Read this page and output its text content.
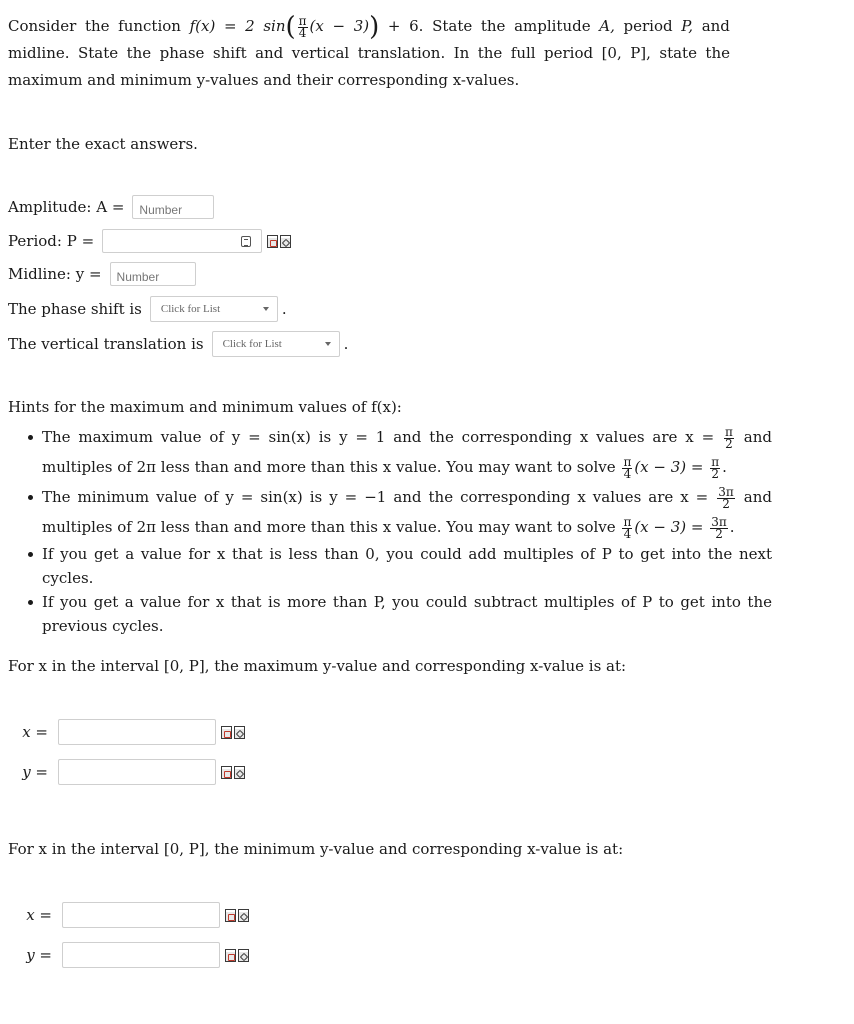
Consider the function f(x) = 2 $\sin( \frac{\pi}{4} (x - 3)) + 6$. State the amplitude A, period P, and midline. State the phase shift and vertical translation. In the full period [0, P], state the maximum and minimum y-values and their corresponding x-values.
Enter the exact answers.
Amplitude: A =	Number
Period: P =
Midline: y =	Number
The phase shift is Click for List	.
The vertical translation is Click for List	.
Hints for the maximum and minimum values of f(x):
The maximum value of y = sin(x) is y = 1 and the corresponding x values are $x = \frac{\pi}{2}$ and multiples of 2π less than and more than this x value. You may want to solve $\frac{\pi}{4} (x - 3) = \frac{\pi}{2}$ .
The minimum value of y = sin(x) is y = −1 and the corresponding x values are $x = \frac{3\pi}{2}$ and multiples of 2π less than and more than this x value. You may want to solve $\frac{\pi}{4} (x - 3) = \frac{3\pi}{2}$ .
If you get a value for x that is less than 0, you could add multiples of P to get into the next cycles.
If you get a value for x that is more than P, you could subtract multiples of P to get into the previous cycles.
For x in the interval [0, P], the maximum y-value and corresponding x-value is at:
x =
y =
For x in the interval [0, P], the minimum y-value and corresponding x-value is at:
x =
y =
